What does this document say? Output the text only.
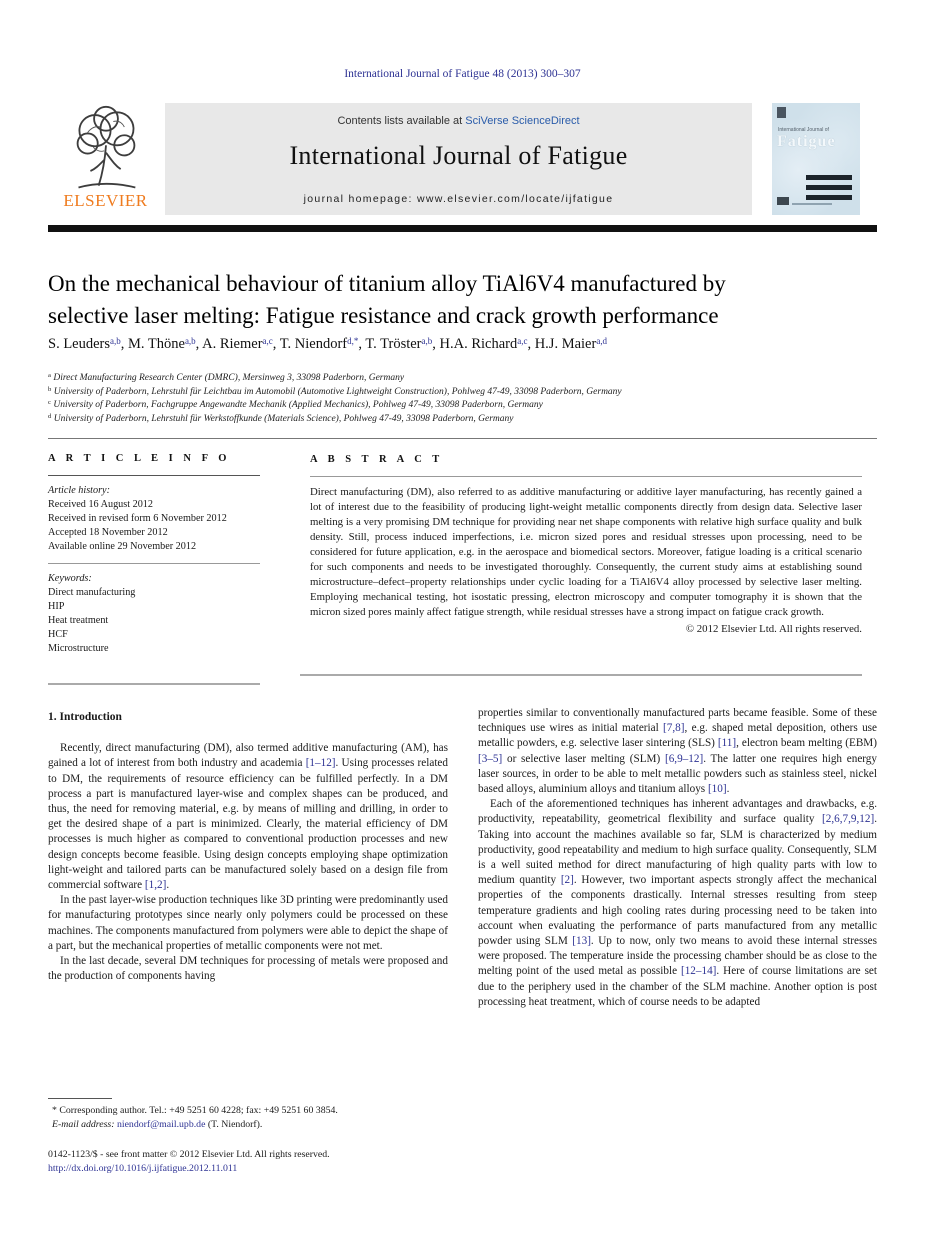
International Journal of Fatigue 48 (2013) 300–307
ELSEVIER
Contents lists available at SciVerse ScienceDirect
International Journal of Fatigue
journal homepage: www.elsevier.com/locate/ijfatigue
International Journal of
Fatigue
On the mechanical behaviour of titanium alloy TiAl6V4 manufactured by selective laser melting: Fatigue resistance and crack growth performance
S. Leuders$^{a,b}$, M. Thöne$^{a,b}$, A. Riemer$^{a,c}$, T. Niendorf$^{d,*}$, T. Tröster$^{a,b}$, H.A. Richard$^{a,c}$, H.J. Maier$^{a,d}$
$^a$ Direct Manufacturing Research Center (DMRC), Mersinweg 3, 33098 Paderborn, Germany
$^b$ University of Paderborn, Lehrstuhl für Leichtbau im Automobil (Automotive Lightweight Construction), Pohlweg 47-49, 33098 Paderborn, Germany
$^c$ University of Paderborn, Fachgruppe Angewandte Mechanik (Applied Mechanics), Pohlweg 47-49, 33098 Paderborn, Germany
$^d$ University of Paderborn, Lehrstuhl für Werkstoffkunde (Materials Science), Pohlweg 47-49, 33098 Paderborn, Germany
A R T I C L E I N F O
Article history:
Received 16 August 2012
Received in revised form 6 November 2012
Accepted 18 November 2012
Available online 29 November 2012
Keywords:
Direct manufacturing
HIP
Heat treatment
HCF
Microstructure
A B S T R A C T
Direct manufacturing (DM), also referred to as additive manufacturing or additive layer manufacturing, has recently gained a lot of interest due to the feasibility of producing light-weight metallic components directly from design data. Selective laser melting is a very promising DM technique for providing near net shape components with relative high surface quality and bulk density. Still, process induced imperfections, i.e. micron sized pores and residual stresses upon processing, need to be considered for future application, e.g. in the aerospace and biomedical sectors. Moreover, fatigue loading is a critical scenario for such components and needs to be investigated thoroughly. Consequently, the current study aims at establishing sound microstructure–defect–property relationships under cyclic loading for a TiAl6V4 alloy processed by selective laser melting. Employing mechanical testing, hot isostatic pressing, electron microscopy and computer tomography it is shown that the micron sized pores mainly affect fatigue strength, while residual stresses have a strong impact on fatigue crack growth.
© 2012 Elsevier Ltd. All rights reserved.
1. Introduction

Recently, direct manufacturing (DM), also termed additive manufacturing (AM), has gained a lot of interest from both industry and academia [1–12]. Using processes related to DM, the requirements of resource efficiency can be fulfilled perfectly. In a DM process a part is manufactured layer-wise and complex shapes can be produced, and thus, the need for removing material, e.g. by means of milling and drilling, in order to get the desired shape of a part is minimized. Clearly, the material efficiency of DM processes is much higher as compared to conventional production processes and new design concepts become feasible. Using design concepts employing shape optimization light-weight and tailored parts can be manufactured solely based on a design file from commercial software [1,2].

In the past layer-wise production techniques like 3D printing were predominantly used for manufacturing prototypes since nearly only polymers could be processed on these machines. The components manufactured from polymers were able to depict the shape of a part, but the mechanical properties of metallic components were not met.

In the last decade, several DM techniques for processing of metals were proposed and the production of components having

properties similar to conventionally manufactured parts became feasible. Some of these techniques use wires as initial material [7,8], e.g. shaped metal deposition, others use metallic powders, e.g. selective laser sintering (SLS) [11], electron beam melting (EBM) [3–5] or selective laser melting (SLM) [6,9–12]. The latter one requires high energy laser sources, in order to be able to melt metallic powders such as stainless steel, nickel based alloys, aluminium alloys and titanium alloys [10].

Each of the aforementioned techniques has inherent advantages and drawbacks, e.g. productivity, repeatability, geometrical flexibility and surface quality [2,6,7,9,12]. Taking into account the machines available so far, SLM is characterized by medium productivity, good repeatability and medium to high surface quality. Consequently, SLM is a well suited method for direct manufacturing of high quality parts with low to medium quantity [2]. However, two important aspects strongly affect the mechanical properties of the components drastically. Internal stresses resulting from steep temperature gradients and high cooling rates during processing need to be taken into account when evaluating the performance of parts manufactured from any metallic powder using SLM [13]. Up to now, only two means to avoid these internal stresses were proposed. The temperature inside the processing chamber should be as close to the melting point of the used metal as possible [12–14]. Here of course limitations are set due to the periphery used in the chamber of the SLM machine. Another option is post processing heat treatment, which of course needs to be adapted

* Corresponding author. Tel.: +49 5251 60 4228; fax: +49 5251 60 3854.
E-mail address: niendorf@mail.upb.de (T. Niendorf).
0142-1123/$ - see front matter © 2012 Elsevier Ltd. All rights reserved.
http://dx.doi.org/10.1016/j.ijfatigue.2012.11.011
